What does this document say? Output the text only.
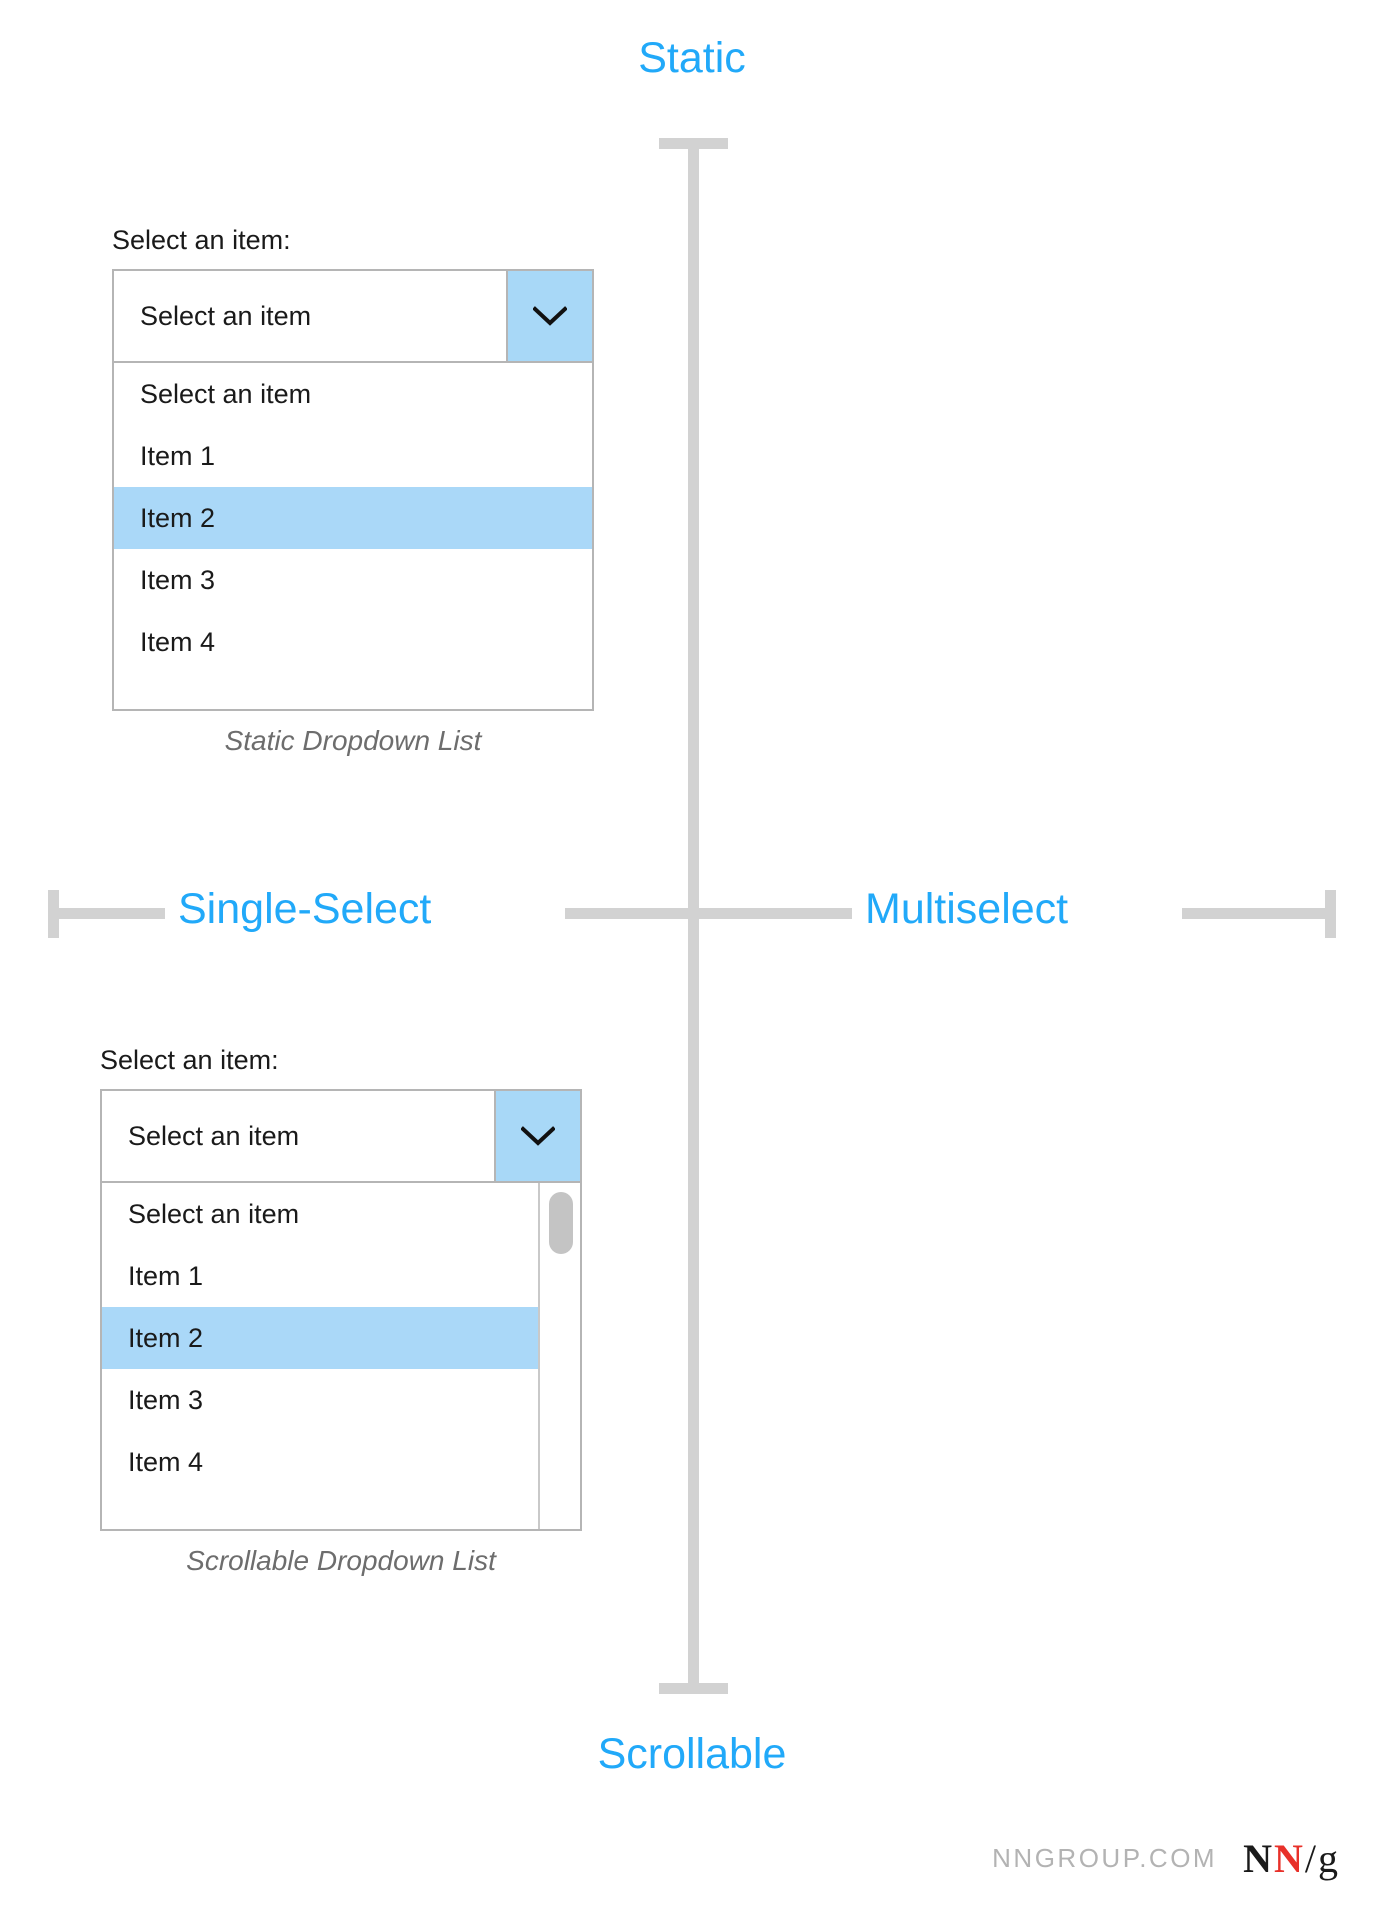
Static
Scrollable
Single-Select	Multiselect
Select an item:
Select an item
Select an item
Item 1
Item 2
Item 3
Item 4
Static Dropdown List
Select an item:
Select an item
Select an item
Item 1
Item 2
Item 3
Item 4
Scrollable Dropdown List
NNGROUP.COM N N / g
